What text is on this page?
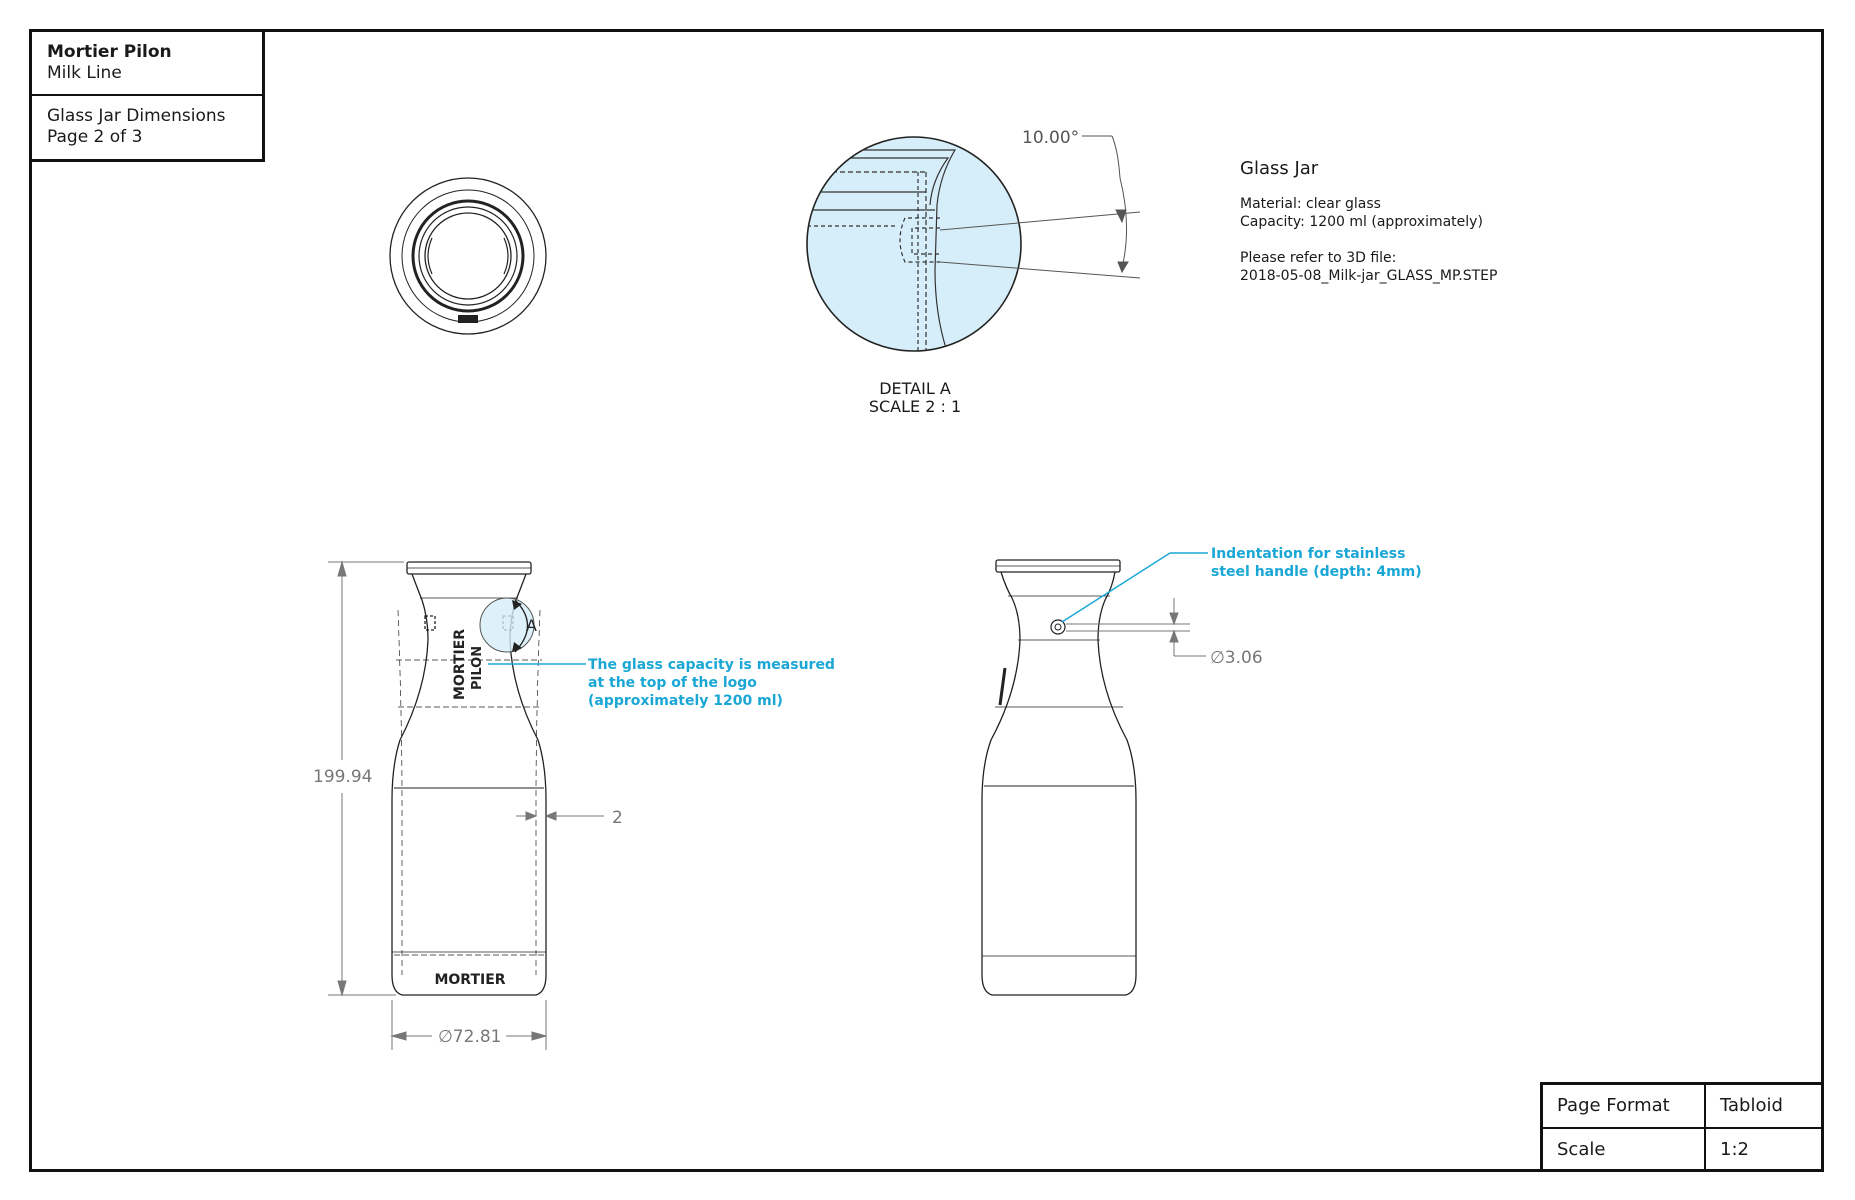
Mortier Pilon
Milk Line
Glass Jar Dimensions
Page 2 of 3
Glass Jar
Material: clear glass
Capacity: 1200 ml (approximately)
Please refer to 3D file:
2018-05-08_Milk-jar_GLASS_MP.STEP
DETAIL A
SCALE 2 : 1
10.00°
MORTIER
MORTIER PILON
A
199.94
∅72.81
2
The glass capacity is measured
at the top of the logo
(approximately 1200 ml)
Indentation for stainless
steel handle (depth: 4mm)
∅3.06
Page Format	Tabloid
Scale	1:2
